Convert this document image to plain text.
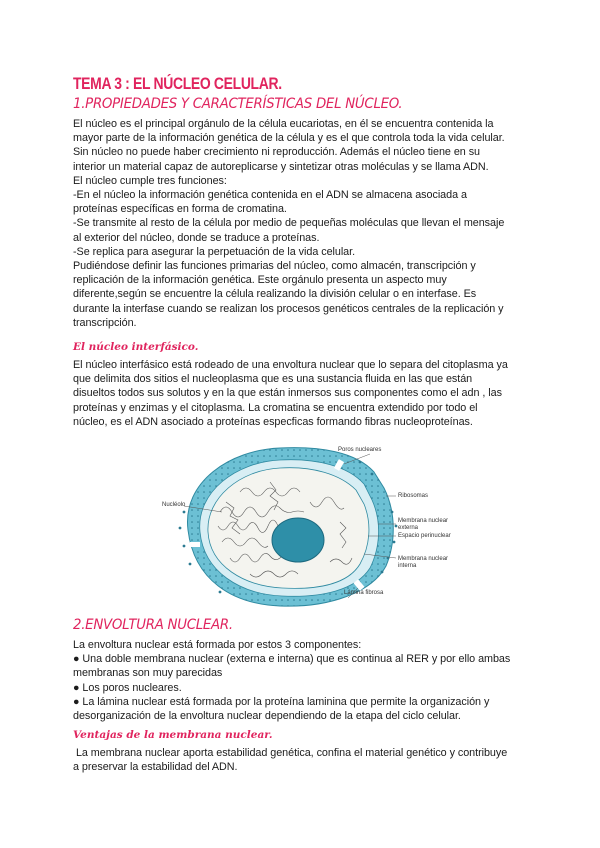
TEMA 3 : EL NÚCLEO CELULAR.
1.PROPIEDADES Y CARACTERÍSTICAS DEL NÚCLEO.

El núcleo es el principal orgánulo de la célula eucariotas, en él se encuentra contenida la

mayor parte de la información genética de la célula y es el que controla toda la vida celular.

Sin núcleo no puede haber crecimiento ni reproducción. Además el núcleo tiene en su

interior un material capaz de autoreplicarse y sintetizar otras moléculas y se llama ADN.

El núcleo cumple tres funciones:

-En el núcleo la información genética contenida en el ADN se almacena asociada a

proteínas específicas en forma de cromatina.

-Se transmite al resto de la célula por medio de pequeñas moléculas que llevan el mensaje

al exterior del núcleo, donde se traduce a proteínas.

-Se replica para asegurar la perpetuación de la vida celular.

Pudiéndose definir las funciones primarias del núcleo, como almacén, transcripción y

replicación de la información genética. Este orgánulo presenta un aspecto muy

diferente,según se encuentre la célula realizando la división celular o en interfase. Es

durante la interfase cuando se realizan los procesos genéticos centrales de la replicación y

transcripción.

El núcleo interfásico.

El núcleo interfásico está rodeado de una envoltura nuclear que lo separa del citoplasma ya

que delimita dos sitios el nucleoplasma que es una sustancia fluida en las que están

disueltos todos sus solutos y en la que están inmersos sus componentes como el adn , las

proteínas y enzimas y el citoplasma. La cromatina se encuentra extendido por todo el

núcleo, es el ADN asociado a proteínas especficas formando fibras nucleoproteínas.

Poros nucleares
Ribosomas
Nucléolo
Membrana nuclear
externa
Espacio perinuclear
Membrana nuclear
interna
Lámina fibrosa
2.ENVOLTURA NUCLEAR.

La envoltura nuclear está formada por estos 3 componentes:

● Una doble membrana nuclear (externa e interna) que es continua al RER y por ello ambas

membranas son muy parecidas

● Los poros nucleares.

● La lámina nuclear está formada por la proteína laminina que permite la organización y

desorganización de la envoltura nuclear dependiendo de la etapa del ciclo celular.

Ventajas de la membrana nuclear.

La membrana nuclear aporta estabilidad genética, confina el material genético y contribuye

a preservar la estabilidad del ADN.
